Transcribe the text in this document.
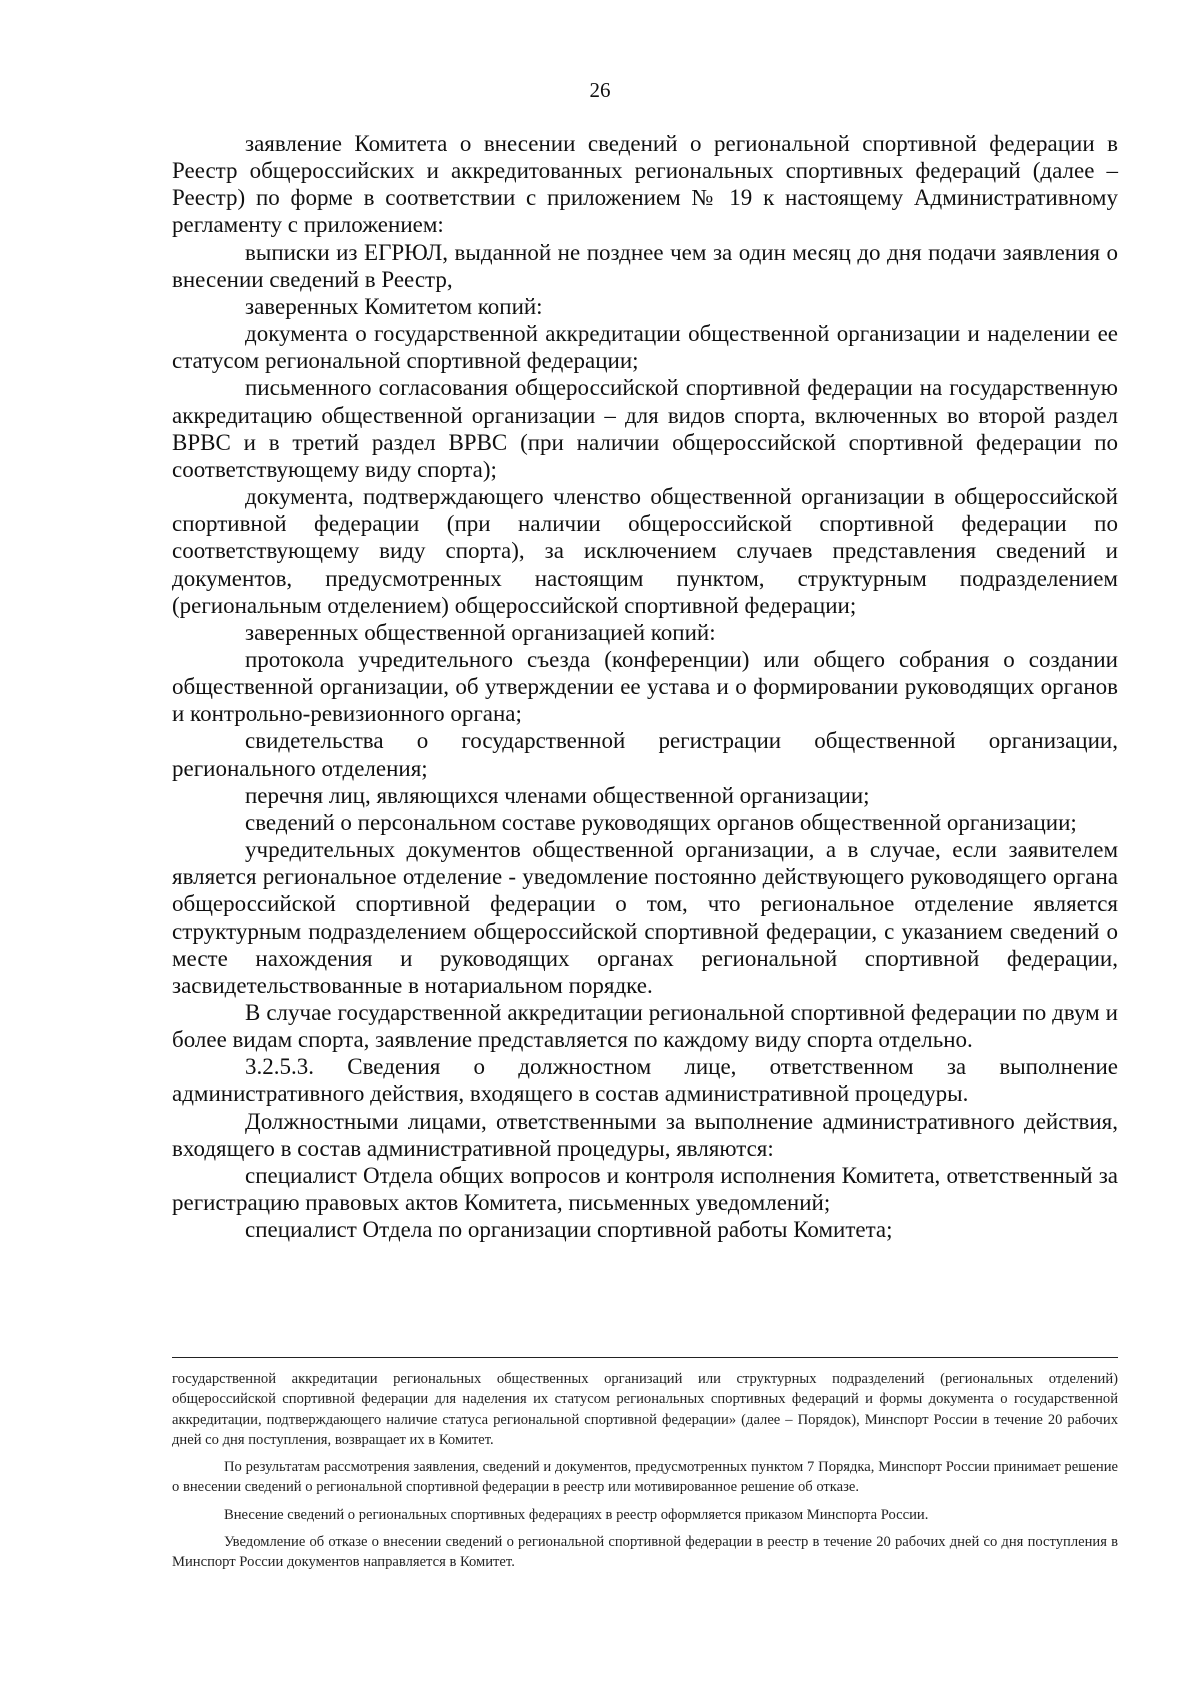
26

заявление Комитета о внесении сведений о региональной спортивной федерации в Реестр общероссийских и аккредитованных региональных спортивных федераций (далее – Реестр) по форме в соответствии с приложением № 19 к настоящему Административному регламенту с приложением:

выписки из ЕГРЮЛ, выданной не позднее чем за один месяц до дня подачи заявления о внесении сведений в Реестр,

заверенных Комитетом копий:

документа о государственной аккредитации общественной организации и наделении ее статусом региональной спортивной федерации;

письменного согласования общероссийской спортивной федерации на государственную аккредитацию общественной организации – для видов спорта, включенных во второй раздел ВРВС и в третий раздел ВРВС (при наличии общероссийской спортивной федерации по соответствующему виду спорта);

документа, подтверждающего членство общественной организации в общероссийской спортивной федерации (при наличии общероссийской спортивной федерации по соответствующему виду спорта), за исключением случаев представления сведений и документов, предусмотренных настоящим пунктом, структурным подразделением (региональным отделением) общероссийской спортивной федерации;

заверенных общественной организацией копий:

протокола учредительного съезда (конференции) или общего собрания о создании общественной организации, об утверждении ее устава и о формировании руководящих органов и контрольно-ревизионного органа;

свидетельства о государственной регистрации общественной организации, регионального отделения;

перечня лиц, являющихся членами общественной организации;

сведений о персональном составе руководящих органов общественной организации;

учредительных документов общественной организации, а в случае, если заявителем является региональное отделение - уведомление постоянно действующего руководящего органа общероссийской спортивной федерации о том, что региональное отделение является структурным подразделением общероссийской спортивной федерации, с указанием сведений о месте нахождения и руководящих органах региональной спортивной федерации, засвидетельствованные в нотариальном порядке.

В случае государственной аккредитации региональной спортивной федерации по двум и более видам спорта, заявление представляется по каждому виду спорта отдельно.

3.2.5.3. Сведения о должностном лице, ответственном за выполнение административного действия, входящего в состав административной процедуры.

Должностными лицами, ответственными за выполнение административного действия, входящего в состав административной процедуры, являются:

специалист Отдела общих вопросов и контроля исполнения Комитета, ответственный за регистрацию правовых актов Комитета, письменных уведомлений;

специалист Отдела по организации спортивной работы Комитета;

государственной аккредитации региональных общественных организаций или структурных подразделений (региональных отделений) общероссийской спортивной федерации для наделения их статусом региональных спортивных федераций и формы документа о государственной аккредитации, подтверждающего наличие статуса региональной спортивной федерации» (далее – Порядок), Минспорт России в течение 20 рабочих дней со дня поступления, возвращает их в Комитет.

По результатам рассмотрения заявления, сведений и документов, предусмотренных пунктом 7 Порядка, Минспорт России принимает решение о внесении сведений о региональной спортивной федерации в реестр или мотивированное решение об отказе.

Внесение сведений о региональных спортивных федерациях в реестр оформляется приказом Минспорта России.

Уведомление об отказе о внесении сведений о региональной спортивной федерации в реестр в течение 20 рабочих дней со дня поступления в Минспорт России документов направляется в Комитет.
